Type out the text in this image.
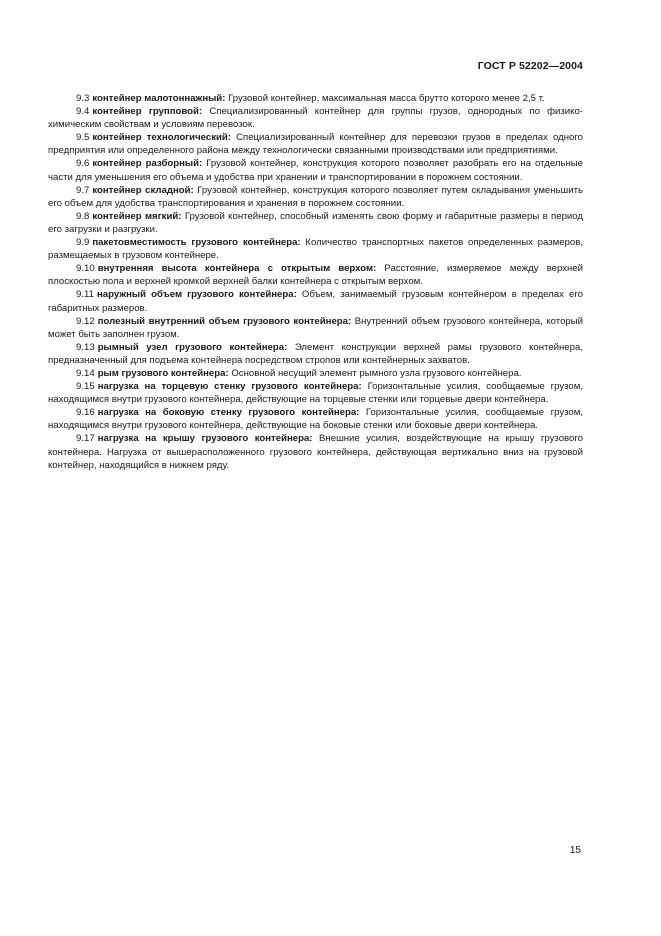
ГОСТ Р 52202—2004

9.3 контейнер малотоннажный: Грузовой контейнер, максимальная масса брутто которого менее 2,5 т.

9.4 контейнер групповой: Специализированный контейнер для группы грузов, однородных по физико-химическим свойствам и условиям перевозок.

9.5 контейнер технологический: Специализированный контейнер для перевозки грузов в пределах одного предприятия или определенного района между технологически связанными производствами или предприятиями.

9.6 контейнер разборный: Грузовой контейнер, конструкция которого позволяет разобрать его на отдельные части для уменьшения его объема и удобства при хранении и транспортировании в порожнем состоянии.

9.7 контейнер складной: Грузовой контейнер, конструкция которого позволяет путем складывания уменьшить его объем для удобства транспортирования и хранения в порожнем состоянии.

9.8 контейнер мягкий: Грузовой контейнер, способный изменять свою форму и габаритные размеры в период его загрузки и разгрузки.

9.9 пакетовместимость грузового контейнера: Количество транспортных пакетов определенных размеров, размещаемых в грузовом контейнере.

9.10 внутренняя высота контейнера с открытым верхом: Расстояние, измеряемое между верхней плоскостью пола и верхней кромкой верхней балки контейнера с открытым верхом.

9.11 наружный объем грузового контейнера: Объем, занимаемый грузовым контейнером в пределах его габаритных размеров.

9.12 полезный внутренний объем грузового контейнера: Внутренний объем грузового контейнера, который может быть заполнен грузом.

9.13 рымный узел грузового контейнера: Элемент конструкции верхней рамы грузового контейнера, предназначенный для подъема контейнера посредством стропов или контейнерных захватов.

9.14 рым грузового контейнера: Основной несущий элемент рымного узла грузового контейнера.

9.15 нагрузка на торцевую стенку грузового контейнера: Горизонтальные усилия, сообщаемые грузом, находящимся внутри грузового контейнера, действующие на торцевые стенки или торцевые двери контейнера.

9.16 нагрузка на боковую стенку грузового контейнера: Горизонтальные усилия, сообщаемые грузом, находящимся внутри грузового контейнера, действующие на боковые стенки или боковые двери контейнера.

9.17 нагрузка на крышу грузового контейнера: Внешние усилия, воздействующие на крышу грузового контейнера. Нагрузка от вышерасположенного грузового контейнера, действующая вертикально вниз на грузовой контейнер, находящийся в нижнем ряду.

15
